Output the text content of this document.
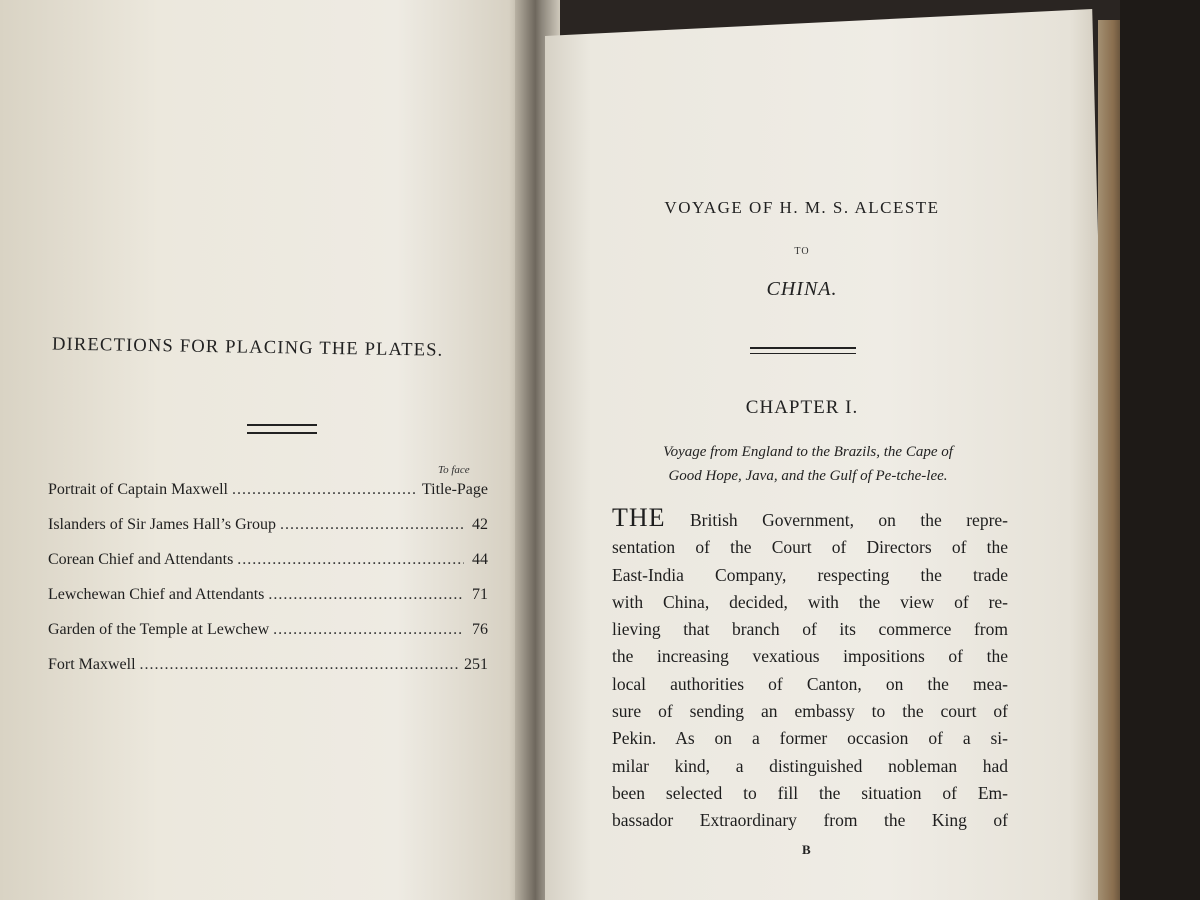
DIRECTIONS FOR PLACING THE PLATES.
To face
Portrait of Captain Maxwell .....	Title-Page
Islanders of Sir James Hall’s Group .....	42
Corean Chief and Attendants .....	44
Lewchewan Chief and Attendants .....	71
Garden of the Temple at Lewchew .....	76
Fort Maxwell .....	251
VOYAGE OF H. M. S. ALCESTE
TO
CHINA.
CHAPTER I.
Voyage from England to the Brazils, the Cape of
Good Hope, Java, and the Gulf of Pe-tche-lee.
THE British Government, on the repre-
sentation of the Court of Directors of the
East-India Company, respecting the trade
with China, decided, with the view of re-
lieving that branch of its commerce from
the increasing vexatious impositions of the
local authorities of Canton, on the mea-
sure of sending an embassy to the court of
Pekin. As on a former occasion of a si-
milar kind, a distinguished nobleman had
been selected to fill the situation of Em-
bassador Extraordinary from the King of
B
